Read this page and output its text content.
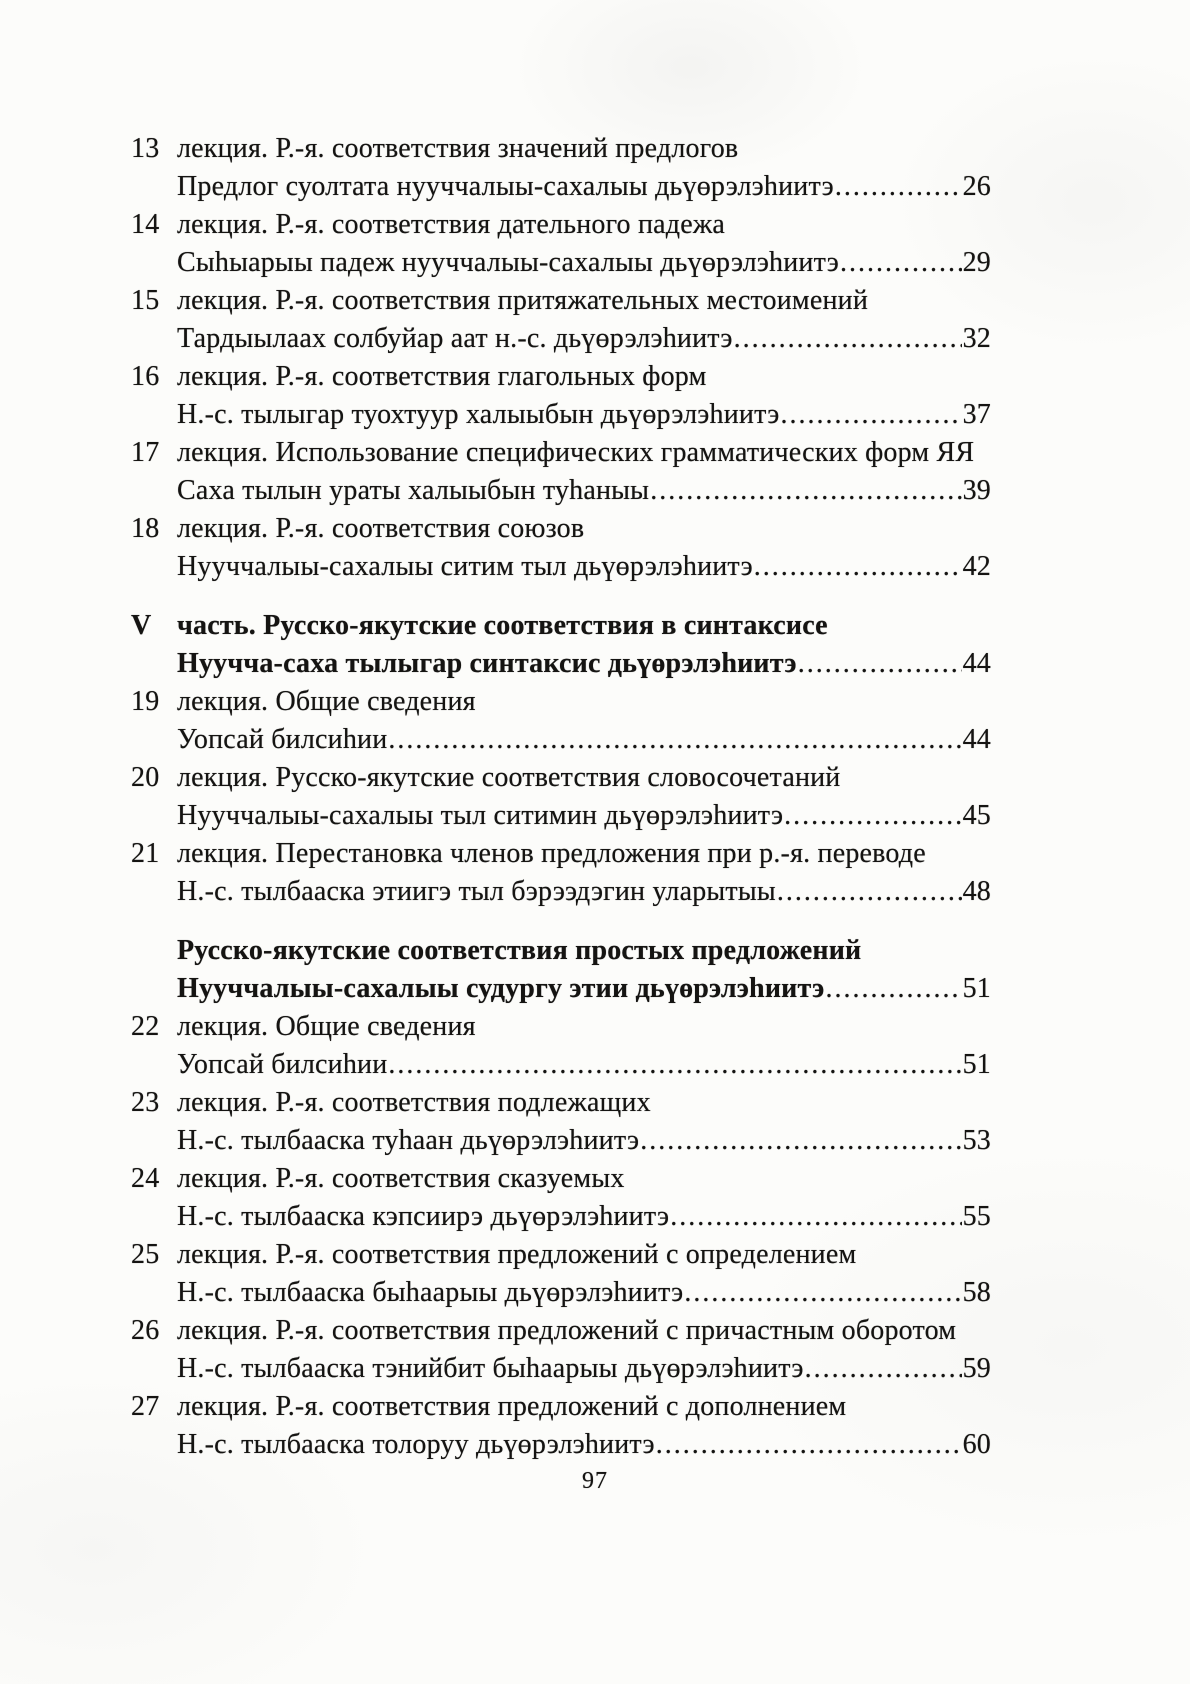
13 лекция. Р.-я. соответствия значений предлогов
Предлог суолтата нууччалыы-сахалыы дьүөрэлэһиитэ .....	26
14 лекция. Р.-я. соответствия дательного падежа
Сыһыарыы падеж нууччалыы-сахалыы дьүөрэлэһиитэ .....	29
15 лекция. Р.-я. соответствия притяжательных местоимений
Тардыылаах солбуйар аат н.-с. дьүөрэлэһиитэ .....	32
16 лекция. Р.-я. соответствия глагольных форм
Н.-с. тылыгар туохтуур халыыбын дьүөрэлэһиитэ .....	37
17 лекция. Использование специфических грамматических форм ЯЯ
Саха тылын ураты халыыбын туһаныы .....	39
18 лекция. Р.-я. соответствия союзов
Нууччалыы-сахалыы ситим тыл дьүөрэлэһиитэ .....	42
V часть. Русско-якутские соответствия в синтаксисе
Нуучча-саха тылыгар синтаксис дьүөрэлэһиитэ .....	44
19 лекция. Общие сведения
Уопсай билсиһии .....	44
20 лекция. Русско-якутские соответствия словосочетаний
Нууччалыы-сахалыы тыл ситимин дьүөрэлэһиитэ .....	45
21 лекция. Перестановка членов предложения при р.-я. переводе
Н.-с. тылбааска этиигэ тыл бэрээдэгин уларытыы .....	48
Русско-якутские соответствия простых предложений
Нууччалыы-сахалыы судургу этии дьүөрэлэһиитэ .....	51
22 лекция. Общие сведения
Уопсай билсиһии .....	51
23 лекция. Р.-я. соответствия подлежащих
Н.-с. тылбааска туһаан дьүөрэлэһиитэ .....	53
24 лекция. Р.-я. соответствия сказуемых
Н.-с. тылбааска кэпсиирэ дьүөрэлэһиитэ .....	55
25 лекция. Р.-я. соответствия предложений с определением
Н.-с. тылбааска быһаарыы дьүөрэлэһиитэ .....	58
26 лекция. Р.-я. соответствия предложений с причастным оборотом
Н.-с. тылбааска тэнийбит быһаарыы дьүөрэлэһиитэ .....	59
27 лекция. Р.-я. соответствия предложений с дополнением
Н.-с. тылбааска толоруу дьүөрэлэһиитэ .....	60
97
